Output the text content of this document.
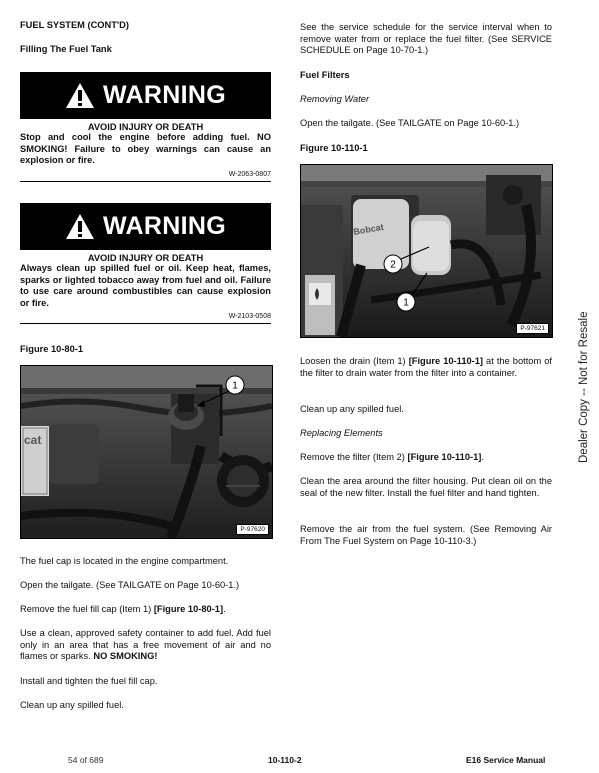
FUEL SYSTEM (CONT'D)
Filling The Fuel Tank
WARNING
AVOID INJURY OR DEATH
Stop and cool the engine before adding fuel. NO SMOKING! Failure to obey warnings can cause an explosion or fire.
W-2063-0807
WARNING
AVOID INJURY OR DEATH
Always clean up spilled fuel or oil. Keep heat, flames, sparks or lighted tobacco away from fuel and oil. Failure to use care around combustibles can cause explosion or fire.
W-2103-0508
Figure 10-80-1
1
cat
P-97620
The fuel cap is located in the engine compartment.
Open the tailgate. (See TAILGATE on Page 10-60-1.)
Remove the fuel fill cap (Item 1) [Figure 10-80-1].
Use a clean, approved safety container to add fuel. Add fuel only in an area that has a free movement of air and no flames or sparks. NO SMOKING!
Install and tighten the fuel fill cap.
Clean up any spilled fuel.
See the service schedule for the service interval when to remove water from or replace the fuel filter. (See SERVICE SCHEDULE on Page 10-70-1.)
Fuel Filters
Removing Water
Open the tailgate. (See TAILGATE on Page 10-60-1.)
Figure 10-110-1
2
1
Bobcat
P-97621
Loosen the drain (Item 1) [Figure 10-110-1] at the bottom of the filter to drain water from the filter into a container.
Clean up any spilled fuel.
Replacing Elements
Remove the filter (Item 2) [Figure 10-110-1].
Clean the area around the filter housing. Put clean oil on the seal of the new filter. Install the fuel filter and hand tighten.
Remove the air from the fuel system. (See Removing Air From The Fuel System on Page 10-110-3.)
Dealer Copy -- Not for Resale
54 of 689	10-110-2	E16 Service Manual
